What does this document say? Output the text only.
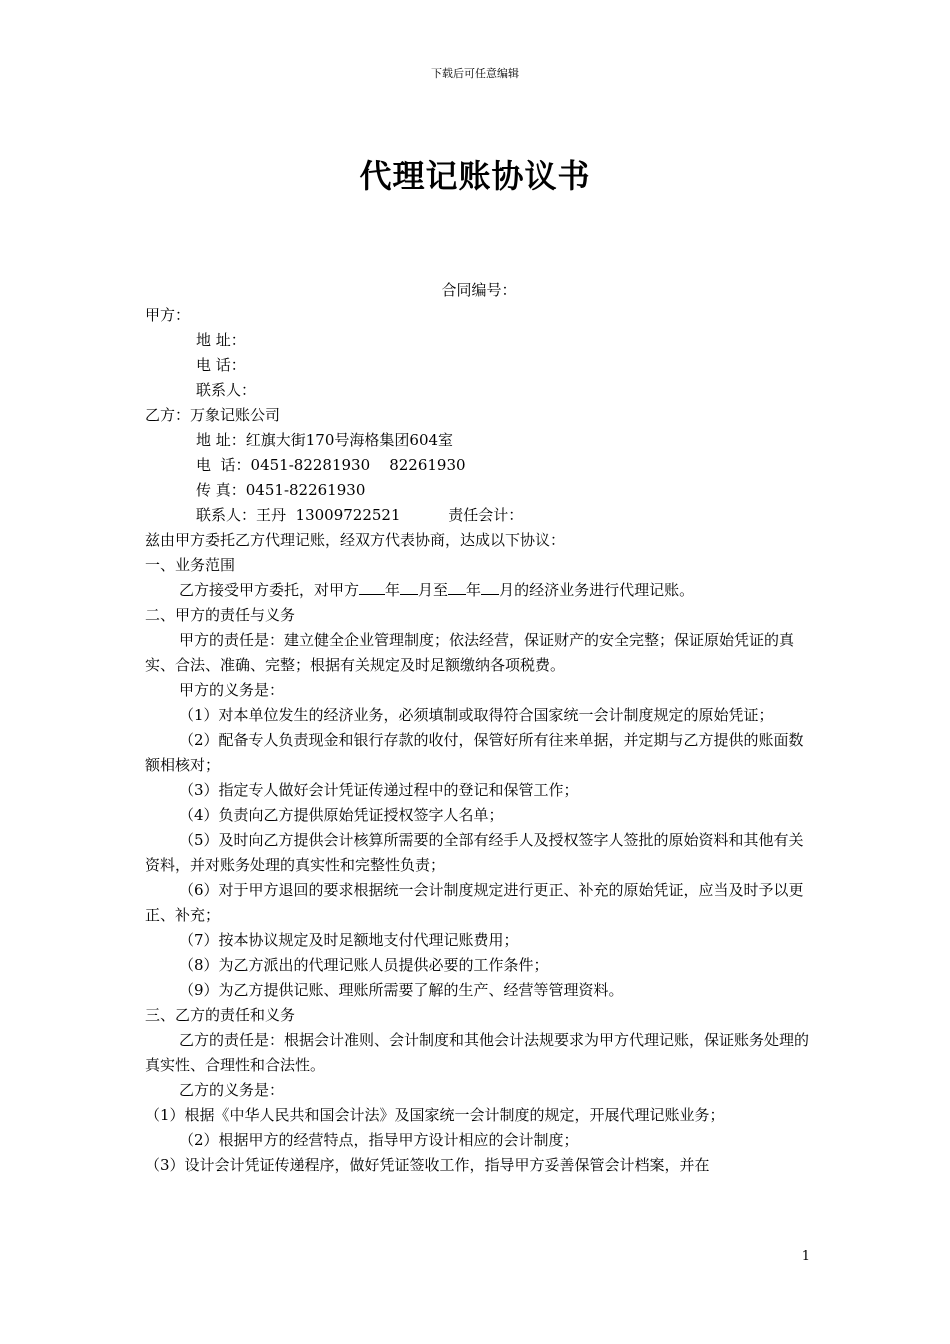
下载后可任意编辑
代理记账协议书

合同编号：

甲方：

地 址：

电 话：

联系人：

乙方：万象记账公司

地 址：红旗大街170号海格集团604室

电  话：0451-82281930    82261930

传 真：0451-82261930

联系人：王丹  13009722521          责任会计：

兹由甲方委托乙方代理记账，经双方代表协商，达成以下协议：

一、业务范围

乙方接受甲方委托，对甲方 年 月至 年 月的经济业务进行代理记账。

二、甲方的责任与义务

甲方的责任是：建立健全企业管理制度；依法经营，保证财产的安全完整；保证原始凭证的真实、合法、准确、完整；根据有关规定及时足额缴纳各项税费。

甲方的义务是：

（1）对本单位发生的经济业务，必须填制或取得符合国家统一会计制度规定的原始凭证；

（2）配备专人负责现金和银行存款的收付，保管好所有往来单据，并定期与乙方提供的账面数额相核对；

（3）指定专人做好会计凭证传递过程中的登记和保管工作；

（4）负责向乙方提供原始凭证授权签字人名单；

（5）及时向乙方提供会计核算所需要的全部有经手人及授权签字人签批的原始资料和其他有关资料，并对账务处理的真实性和完整性负责；

（6）对于甲方退回的要求根据统一会计制度规定进行更正、补充的原始凭证，应当及时予以更正、补充；

（7）按本协议规定及时足额地支付代理记账费用；

（8）为乙方派出的代理记账人员提供必要的工作条件；

（9）为乙方提供记账、理账所需要了解的生产、经营等管理资料。

三、乙方的责任和义务

乙方的责任是：根据会计准则、会计制度和其他会计法规要求为甲方代理记账，保证账务处理的真实性、合理性和合法性。

乙方的义务是：

（1）根据《中华人民共和国会计法》及国家统一会计制度的规定，开展代理记账业务；

（2）根据甲方的经营特点，指导甲方设计相应的会计制度；

（3）设计会计凭证传递程序，做好凭证签收工作，指导甲方妥善保管会计档案，并在

1
